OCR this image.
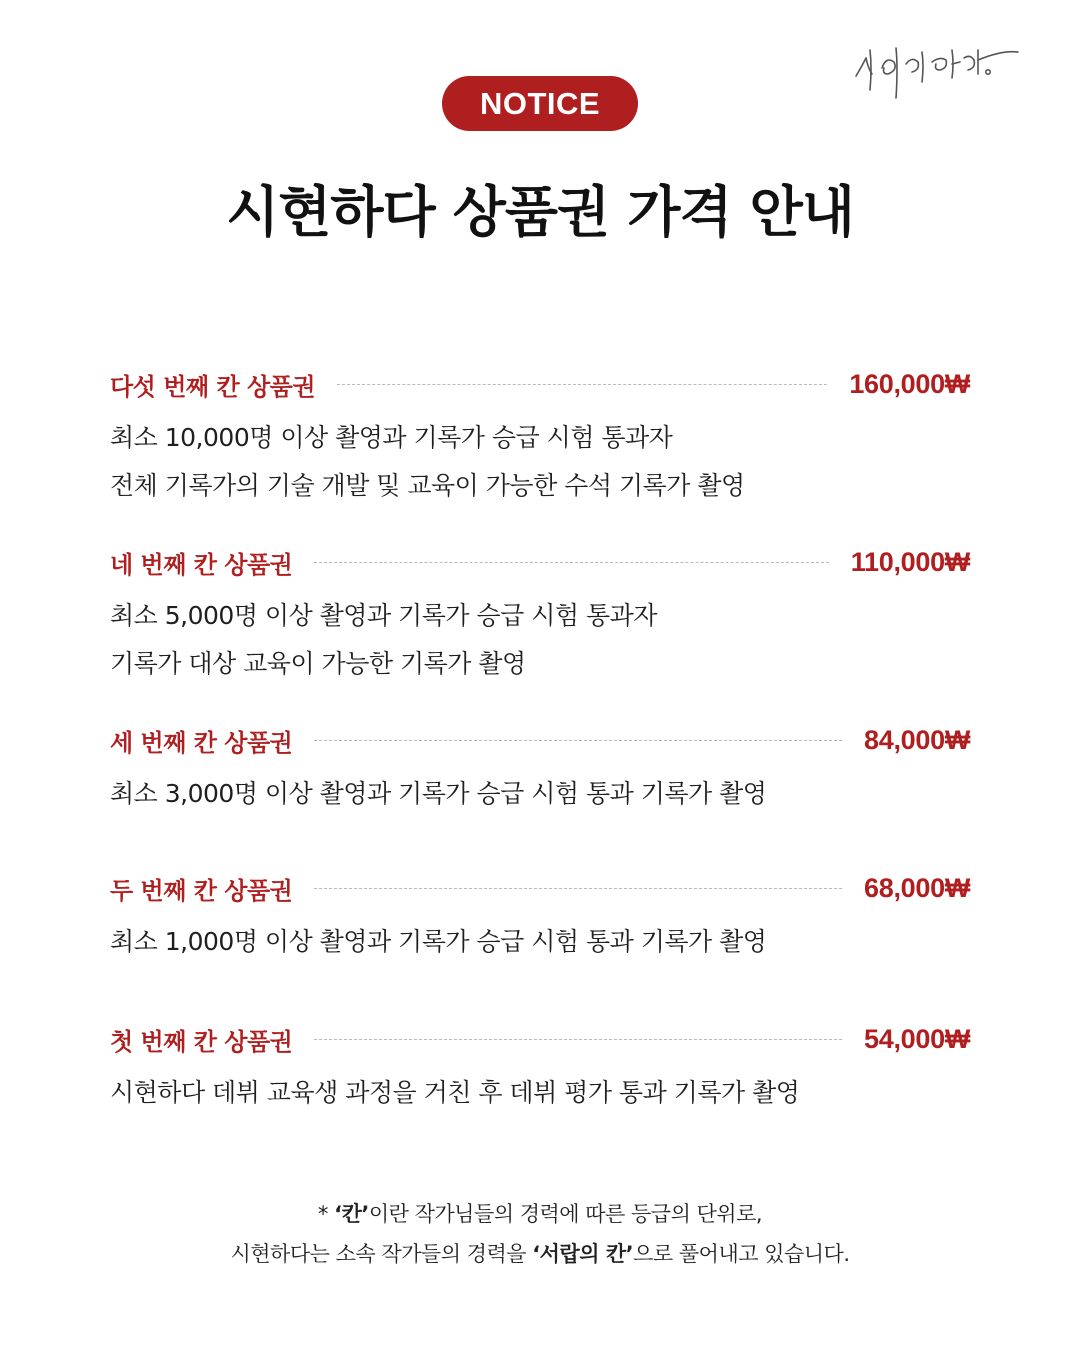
NOTICE
시현하다 상품권 가격 안내
다섯 번째 칸 상품권	160,000₩
최소 10,000명 이상 촬영과 기록가 승급 시험 통과자
전체 기록가의 기술 개발 및 교육이 가능한 수석 기록가 촬영
네 번째 칸 상품권	110,000₩
최소 5,000명 이상 촬영과 기록가 승급 시험 통과자
기록가 대상 교육이 가능한 기록가 촬영
세 번째 칸 상품권	84,000₩
최소 3,000명 이상 촬영과 기록가 승급 시험 통과 기록가 촬영
두 번째 칸 상품권	68,000₩
최소 1,000명 이상 촬영과 기록가 승급 시험 통과 기록가 촬영
첫 번째 칸 상품권	54,000₩
시현하다 데뷔 교육생 과정을 거친 후 데뷔 평가 통과 기록가 촬영
* ‘칸’이란 작가님들의 경력에 따른 등급의 단위로,
시현하다는 소속 작가들의 경력을 ‘서랍의 칸’으로 풀어내고 있습니다.
